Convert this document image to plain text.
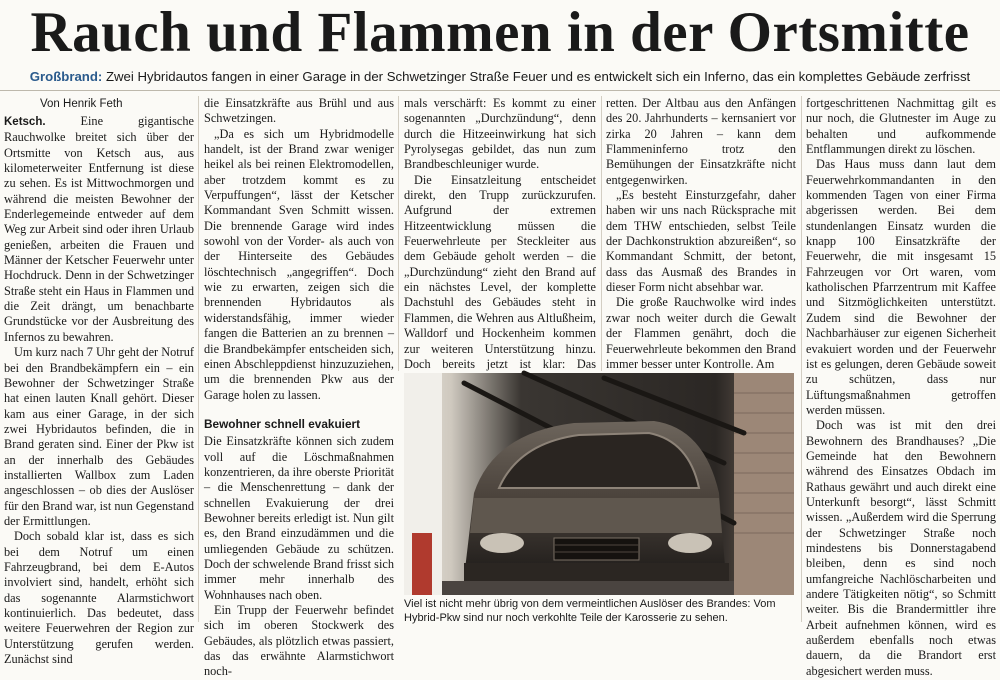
Rauch und Flammen in der Ortsmitte
Großbrand: Zwei Hybridautos fangen in einer Garage in der Schwetzinger Straße Feuer und es entwickelt sich ein Inferno, das ein komplettes Gebäude zerfrisst
Von Henrik Feth

Ketsch. Eine gigantische Rauchwolke breitet sich über der Ortsmitte von Ketsch aus, aus kilometerweiter Entfernung ist diese zu sehen. Es ist Mittwochmorgen und während die meisten Bewohner der Enderlegemeinde entweder auf dem Weg zur Arbeit sind oder ihren Urlaub genießen, arbeiten die Frauen und Männer der Ketscher Feuerwehr unter Hochdruck. Denn in der Schwetzinger Straße steht ein Haus in Flammen und die Zeit drängt, um benachbarte Grundstücke vor der Ausbreitung des Infernos zu bewahren.

Um kurz nach 7 Uhr geht der Notruf bei den Brandbekämpfern ein – ein Bewohner der Schwetzinger Straße hat einen lauten Knall gehört. Dieser kam aus einer Garage, in der sich zwei Hybridautos befinden, die in Brand geraten sind. Einer der Pkw ist an der innerhalb des Gebäudes installierten Wallbox zum Laden angeschlossen – ob dies der Auslöser für den Brand war, ist nun Gegenstand der Ermittlungen.

Doch sobald klar ist, dass es sich bei dem Notruf um einen Fahrzeugbrand, bei dem E-Autos involviert sind, handelt, erhöht sich das sogenannte Alarmstichwort kontinuierlich. Das bedeutet, dass weitere Feuerwehren der Region zur Unterstützung gerufen werden. Zunächst sind

die Einsatzkräfte aus Brühl und aus Schwetzingen.

„Da es sich um Hybridmodelle handelt, ist der Brand zwar weniger heikel als bei reinen Elektromodellen, aber trotzdem kommt es zu Verpuffungen“, lässt der Ketscher Kommandant Sven Schmitt wissen. Die brennende Garage wird indes sowohl von der Vorder- als auch von der Hinterseite des Gebäudes löschtechnisch „angegriffen“. Doch wie zu erwarten, zeigen sich die brennenden Hybridautos als widerstandsfähig, immer wieder fangen die Batterien an zu brennen – die Brandbekämpfer entscheiden sich, einen Abschleppdienst hinzuzuziehen, um die brennenden Pkw aus der Garage holen zu lassen.

Bewohner schnell evakuiert

Die Einsatzkräfte können sich zudem voll auf die Löschmaßnahmen konzentrieren, da ihre oberste Priorität – die Menschenrettung – dank der schnellen Evakuierung der drei Bewohner bereits erledigt ist. Nun gilt es, den Brand einzudämmen und die umliegenden Gebäude zu schützen. Doch der schwelende Brand frisst sich immer mehr innerhalb des Wohnhauses nach oben.

Ein Trupp der Feuerwehr befindet sich im oberen Stockwerk des Gebäudes, als plötzlich etwas passiert, das das erwähnte Alarmstichwort noch-

mals verschärft: Es kommt zu einer sogenannten „Durchzündung“, denn durch die Hitzeeinwirkung hat sich Pyrolysegas gebildet, das nun zum Brandbeschleuniger wurde.

Die Einsatzleitung entscheidet direkt, den Trupp zurückzurufen. Aufgrund der extremen Hitzeentwicklung müssen die Feuerwehrleute per Steckleiter aus dem Gebäude geholt werden – die „Durchzündung“ zieht den Brand auf ein nächstes Level, der komplette Dachstuhl des Gebäudes steht in Flammen, die Wehren aus Altlußheim, Walldorf und Hockenheim kommen zur weiteren Unterstützung hinzu. Doch bereits jetzt ist klar: Das

retten. Der Altbau aus den Anfängen des 20. Jahrhunderts – kernsaniert vor zirka 20 Jahren – kann dem Flammeninferno trotz den Bemühungen der Einsatzkräfte nicht entgegenwirken.

„Es besteht Einsturzgefahr, daher haben wir uns nach Rücksprache mit dem THW entschieden, selbst Teile der Dachkonstruktion abzureißen“, so Kommandant Schmitt, der betont, dass das Ausmaß des Brandes in dieser Form nicht absehbar war.

Die große Rauchwolke wird indes zwar noch weiter durch die Gewalt der Flammen genährt, doch die Feuerwehrleute bekommen den Brand immer besser unter Kontrolle. Am

fortgeschrittenen Nachmittag gilt es nur noch, die Glutnester im Auge zu behalten und aufkommende Entflammungen direkt zu löschen.

Das Haus muss dann laut dem Feuerwehrkommandanten in den kommenden Tagen von einer Firma abgerissen werden. Bei dem stundenlangen Einsatz wurden die knapp 100 Einsatzkräfte der Feuerwehr, die mit insgesamt 15 Fahrzeugen vor Ort waren, vom katholischen Pfarrzentrum mit Kaffee und Sitzmöglichkeiten unterstützt. Zudem sind die Bewohner der Nachbarhäuser zur eigenen Sicherheit evakuiert worden und der Feuerwehr ist es gelungen, deren Gebäude soweit zu schützen, dass nur Lüftungsmaßnahmen getroffen werden müssen.

Doch was ist mit den drei Bewohnern des Brandhauses? „Die Gemeinde hat den Bewohnern während des Einsatzes Obdach im Rathaus gewährt und auch direkt eine Unterkunft besorgt“, lässt Schmitt wissen. „Außerdem wird die Sperrung der Schwetzinger Straße noch mindestens bis Donnerstagabend bleiben, denn es sind noch umfangreiche Nachlöscharbeiten und andere Tätigkeiten nötig“, so Schmitt weiter. Bis die Brandermittler ihre Arbeit aufnehmen können, wird es außerdem ebenfalls noch etwas dauern, da die Brandort erst abgesichert werden muss.

Viel ist nicht mehr übrig von dem vermeintlichen Auslöser des Brandes: Vom Hybrid-Pkw sind nur noch verkohlte Teile der Karosserie zu sehen.
